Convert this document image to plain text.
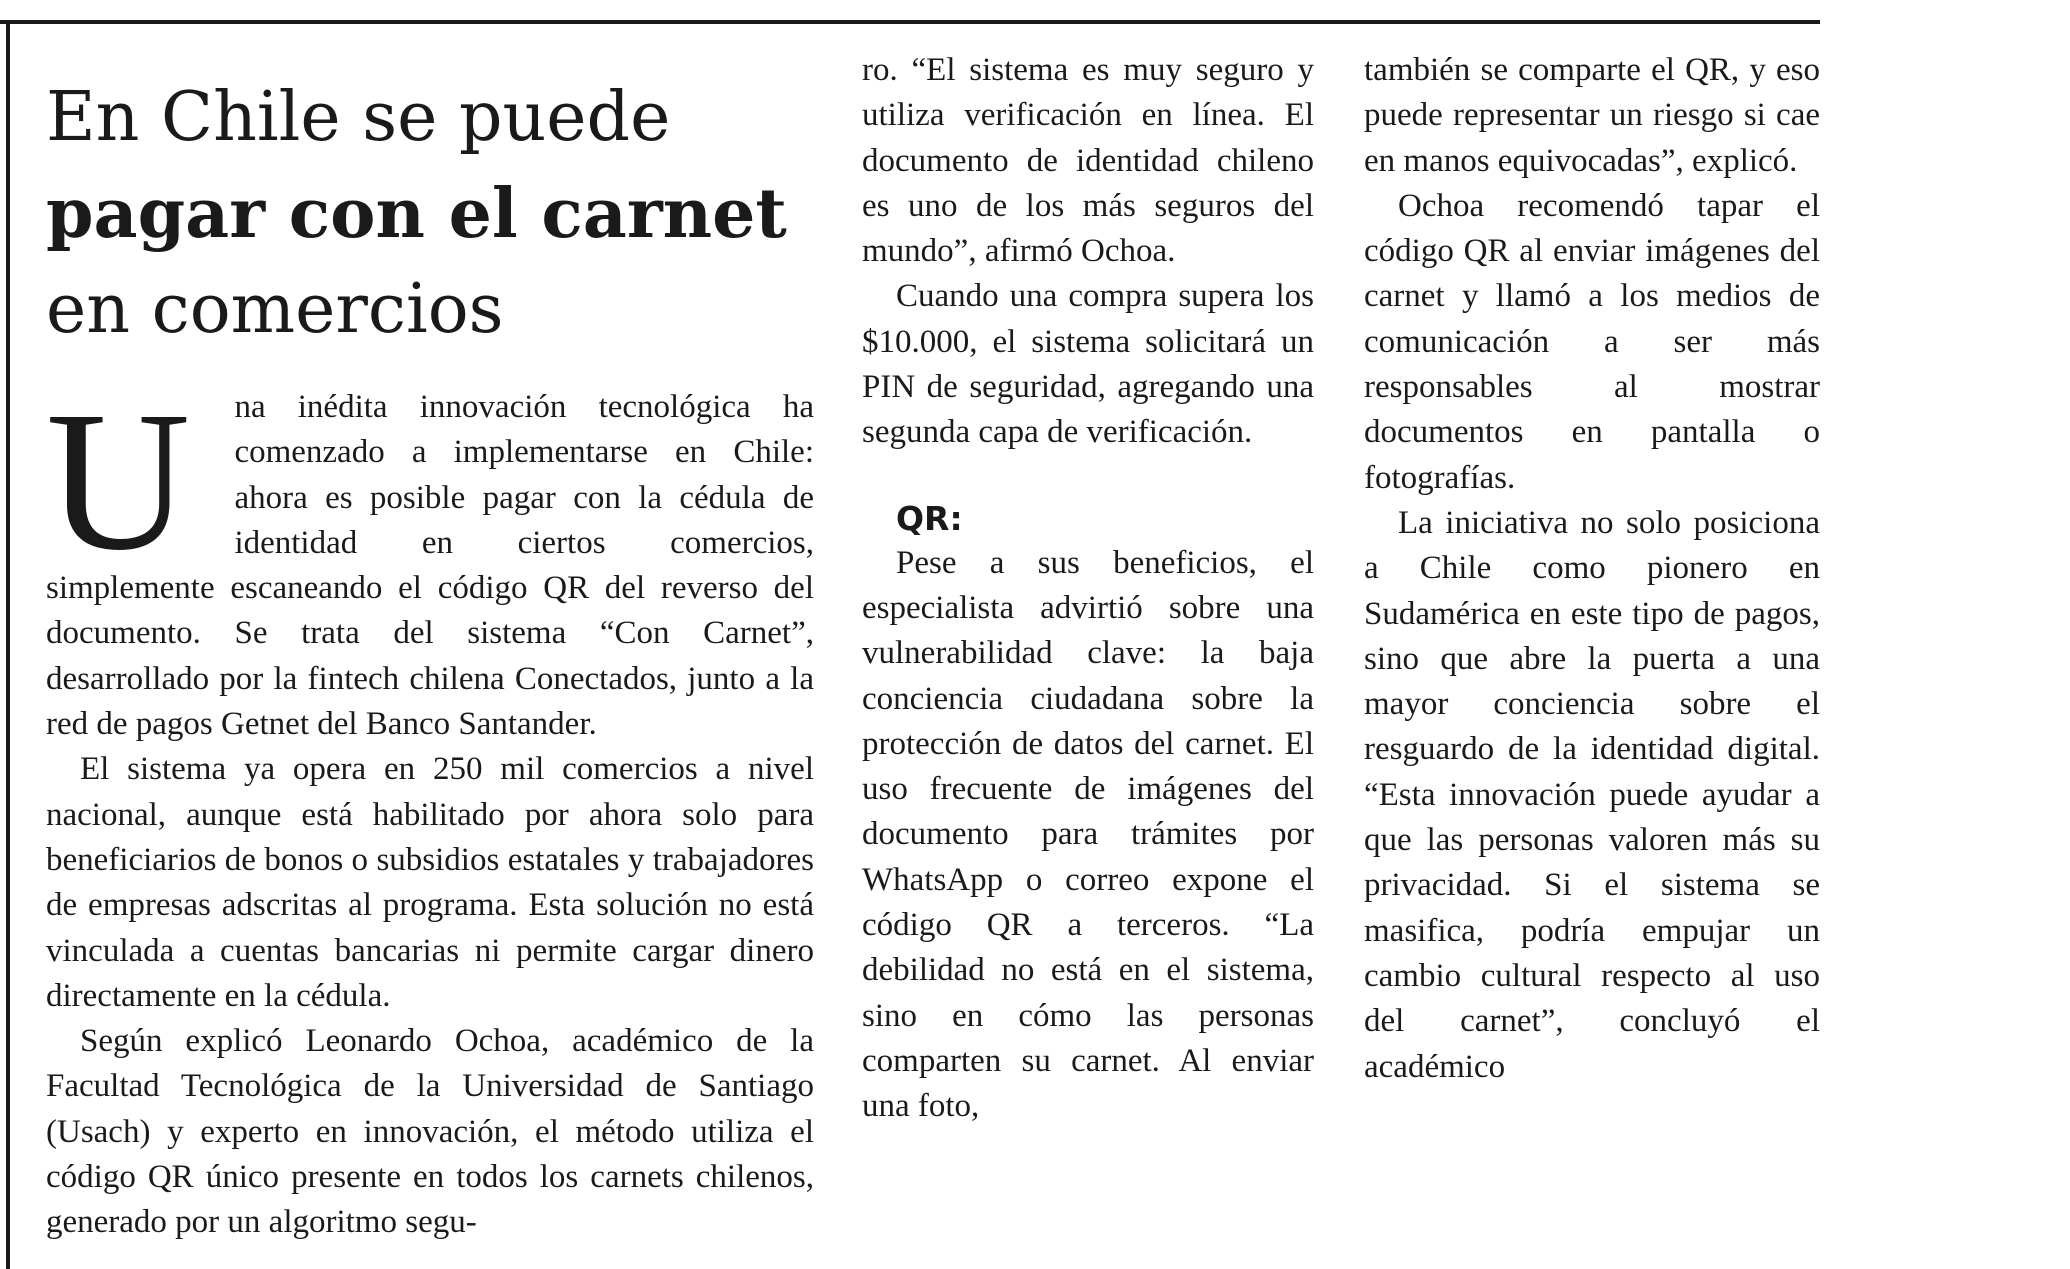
En Chile se puede
pagar con el carnet
en comercios

U na inédita innovación tecnológica ha comenzado a implementarse en Chile: ahora es posible pagar con la cédula de identidad en ciertos comercios, simplemente escaneando el código QR del reverso del documento. Se trata del sistema “Con Carnet”, desarrollado por la fintech chilena Conectados, junto a la red de pagos Getnet del Banco Santander.

El sistema ya opera en 250 mil comercios a nivel nacional, aunque está habilitado por ahora solo para beneficiarios de bonos o subsidios estatales y trabajadores de empresas adscritas al programa. Esta solución no está vinculada a cuentas bancarias ni permite cargar dinero directamente en la cédula.

Según explicó Leonardo Ochoa, académico de la Facultad Tecnológica de la Universidad de Santiago (Usach) y experto en innovación, el método utiliza el código QR único presente en todos los carnets chilenos, generado por un algoritmo segu-

ro. “El sistema es muy seguro y utiliza verificación en línea. El documento de identidad chileno es uno de los más seguros del mundo”, afirmó Ochoa.

Cuando una compra supera los $10.000, el sistema solicitará un PIN de seguridad, agregando una segunda capa de verificación.

QR:

Pese a sus beneficios, el especialista advirtió sobre una vulnerabilidad clave: la baja conciencia ciudadana sobre la protección de datos del carnet. El uso frecuente de imágenes del documento para trámites por WhatsApp o correo expone el código QR a terceros. “La debilidad no está en el sistema, sino en cómo las personas comparten su carnet. Al enviar una foto,

también se comparte el QR, y eso puede representar un riesgo si cae en manos equivocadas”, explicó.

Ochoa recomendó tapar el código QR al enviar imágenes del carnet y llamó a los medios de comunicación a ser más responsables al mostrar documentos en pantalla o fotografías.

La iniciativa no solo posiciona a Chile como pionero en Sudamérica en este tipo de pagos, sino que abre la puerta a una mayor conciencia sobre el resguardo de la identidad digital. “Esta innovación puede ayudar a que las personas valoren más su privacidad. Si el sistema se masifica, podría empujar un cambio cultural respecto al uso del carnet”, concluyó el académico
